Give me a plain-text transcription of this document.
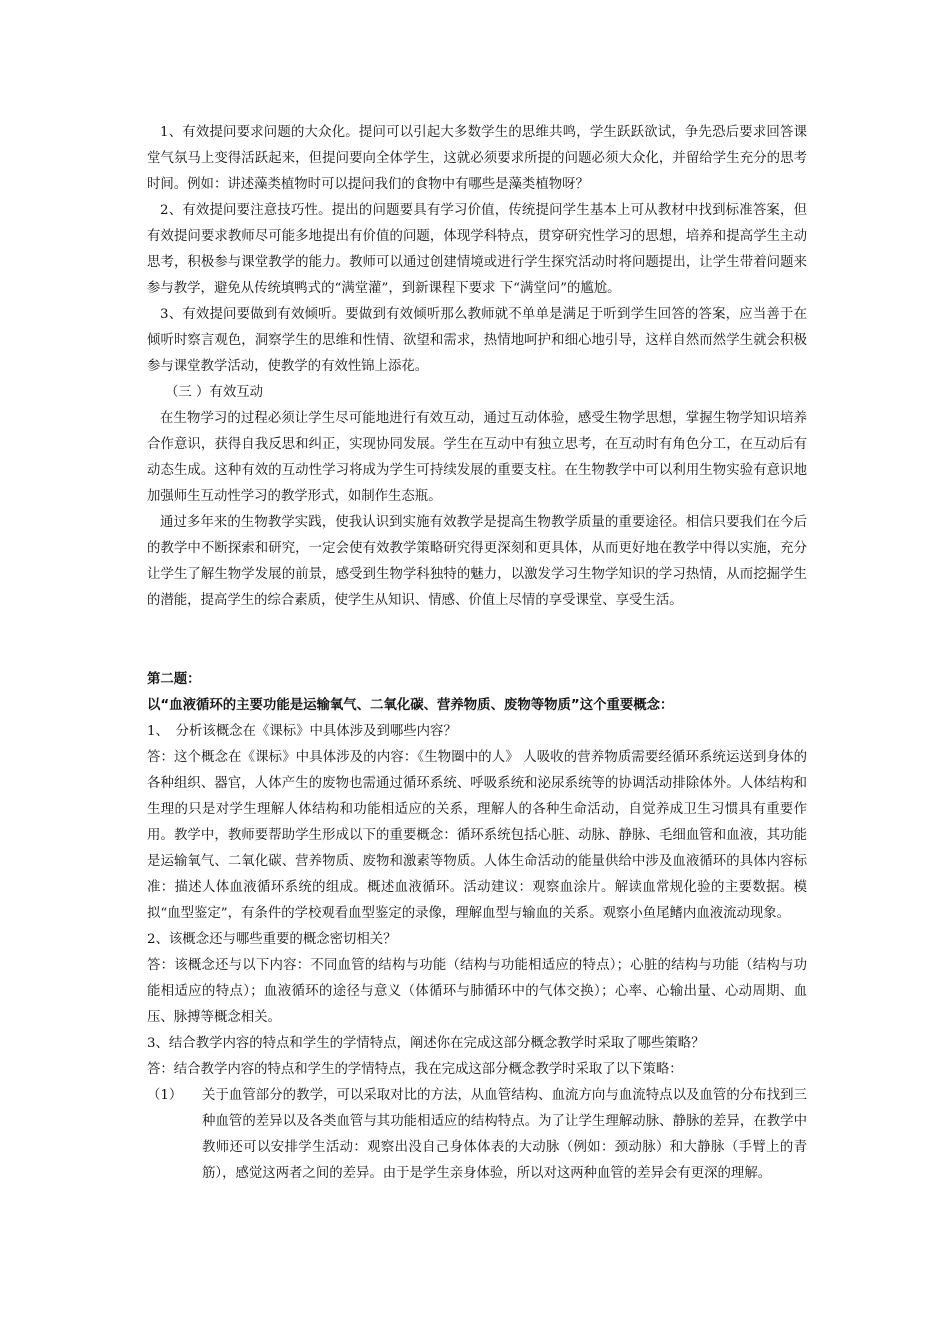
1、有效提问要求问题的大众化。提问可以引起大多数学生的思维共鸣，学生跃跃欲试，争先恐后要求回答课堂气氛马上变得活跃起来，但提问要向全体学生，这就必须要求所提的问题必须大众化，并留给学生充分的思考时间。例如：讲述藻类植物时可以提问我们的食物中有哪些是藻类植物呀？

2、有效提问要注意技巧性。提出的问题要具有学习价值，传统提问学生基本上可从教材中找到标准答案，但有效提问要求教师尽可能多地提出有价值的问题，体现学科特点，贯穿研究性学习的思想，培养和提高学生主动思考，积极参与课堂教学的能力。教师可以通过创建情境或进行学生探究活动时将问题提出，让学生带着问题来参与教学，避免从传统填鸭式的“满堂灌”，到新课程下要求 下“满堂问”的尴尬。

3、有效提问要做到有效倾听。要做到有效倾听那么教师就不单单是满足于听到学生回答的答案，应当善于在倾听时察言观色，洞察学生的思维和性情、欲望和需求，热情地呵护和细心地引导，这样自然而然学生就会积极参与课堂教学活动，使教学的有效性锦上添花。

（三 ）有效互动

在生物学习的过程必须让学生尽可能地进行有效互动，通过互动体验，感受生物学思想，掌握生物学知识培养合作意识，获得自我反思和纠正，实现协同发展。学生在互动中有独立思考，在互动时有角色分工，在互动后有动态生成。这种有效的互动性学习将成为学生可持续发展的重要支柱。在生物教学中可以利用生物实验有意识地加强师生互动性学习的教学形式，如制作生态瓶。

通过多年来的生物教学实践，使我认识到实施有效教学是提高生物教学质量的重要途径。相信只要我们在今后的教学中不断探索和研究，一定会使有效教学策略研究得更深刻和更具体，从而更好地在教学中得以实施，充分让学生了解生物学发展的前景，感受到生物学科独特的魅力，以激发学习生物学知识的学习热情，从而挖掘学生的潜能，提高学生的综合素质，使学生从知识、情感、价值上尽情的享受课堂、享受生活。

第二题：

以“血液循环的主要功能是运输氧气、二氧化碳、营养物质、废物等物质”这个重要概念：

1、　分析该概念在《课标》中具体涉及到哪些内容？

答：这个概念在《课标》中具体涉及的内容：《生物圈中的人》 人吸收的营养物质需要经循环系统运送到身体的各种组织、器官，人体产生的废物也需通过循环系统、呼吸系统和泌尿系统等的协调活动排除体外。人体结构和生理的只是对学生理解人体结构和功能相适应的关系，理解人的各种生命活动，自觉养成卫生习惯具有重要作用。教学中，教师要帮助学生形成以下的重要概念：循环系统包括心脏、动脉、静脉、毛细血管和血液，其功能是运输氧气、二氧化碳、营养物质、废物和激素等物质。人体生命活动的能量供给中涉及血液循环的具体内容标准：描述人体血液循环系统的组成。概述血液循环。活动建议：观察血涂片。解读血常规化验的主要数据。模拟“血型鉴定”，有条件的学校观看血型鉴定的录像，理解血型与输血的关系。观察小鱼尾鳍内血液流动现象。

2、该概念还与哪些重要的概念密切相关？

答：该概念还与以下内容：不同血管的结构与功能（结构与功能相适应的特点）；心脏的结构与功能（结构与功能相适应的特点）；血液循环的途径与意义（体循环与肺循环中的气体交换）；心率、心输出量、心动周期、血压、脉搏等概念相关。

3、结合教学内容的特点和学生的学情特点，阐述你在完成这部分概念教学时采取了哪些策略？

答：结合教学内容的特点和学生的学情特点，我在完成这部分概念教学时采取了以下策略：

（1）	关于血管部分的教学，可以采取对比的方法，从血管结构、血流方向与血流特点以及血管的分布找到三种血管的差异以及各类血管与其功能相适应的结构特点。为了让学生理解动脉、静脉的差异，在教学中教师还可以安排学生活动：观察出没自己身体体表的大动脉（例如：颈动脉）和大静脉（手臂上的青筋），感觉这两者之间的差异。由于是学生亲身体验，所以对这两种血管的差异会有更深的理解。
